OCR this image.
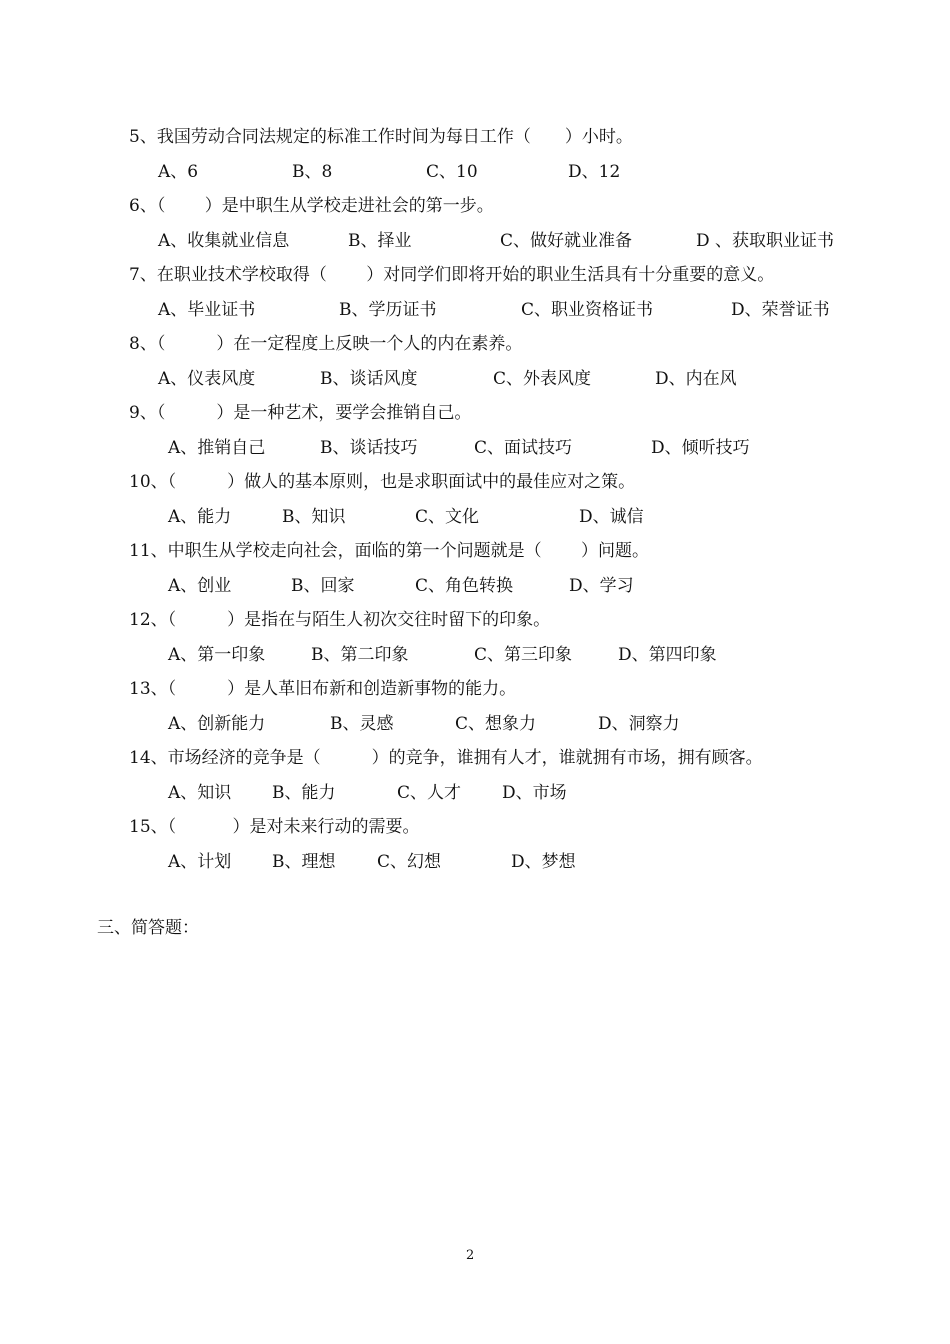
5、我国劳动合同法规定的标准工作时间为每日工作（　　）小时。
A、6	B、8	C、10	D、12
6、（　　 ）是中职生从学校走进社会的第一步。
A、收集就业信息	B、择业	C、做好就业准备	D 、获取职业证书
7、在职业技术学校取得（　　 ）对同学们即将开始的职业生活具有十分重要的意义。
A、毕业证书	B、学历证书	C、职业资格证书	D、荣誉证书
8、（　　　）在一定程度上反映一个人的内在素养。
A、仪表风度	B、谈话风度	C、外表风度	D、内在风
9、（　　　）是一种艺术，要学会推销自己。
A、推销自己	B、谈话技巧	C、面试技巧	D、倾听技巧
10、（　　　）做人的基本原则，也是求职面试中的最佳应对之策。
A、能力	B、知识	C、文化	D、诚信
11、中职生从学校走向社会，面临的第一个问题就是（　　 ）问题。
A、创业	B、回家	C、角色转换	D、学习
12、（　　　）是指在与陌生人初次交往时留下的印象。
A、第一印象	B、第二印象	C、第三印象	D、第四印象
13、（　　　）是人革旧布新和创造新事物的能力。
A、创新能力	B、灵感	C、想象力	D、洞察力
14、市场经济的竞争是（　　　）的竞争，谁拥有人才，谁就拥有市场，拥有顾客。
A、知识 B、能力	C、人才 D、市场
15、（　　　 ）是对未来行动的需要。
A、计划 B、理想 C、幻想	D、梦想
三、简答题：
2
